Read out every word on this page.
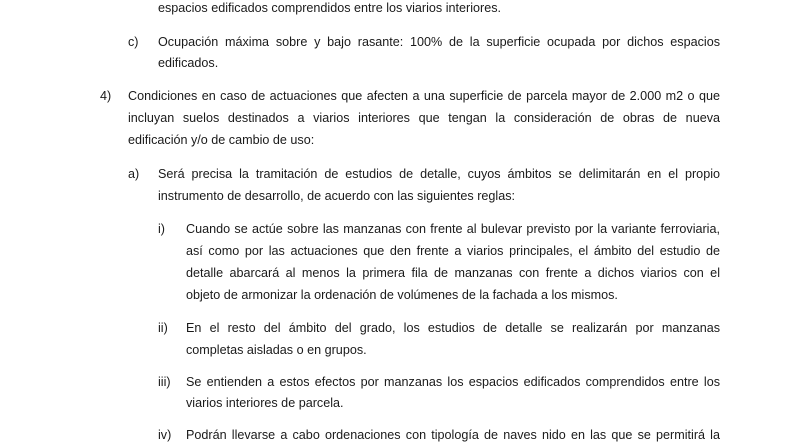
espacios edificados comprendidos entre los viarios interiores.

c) Ocupación máxima sobre y bajo rasante: 100% de la superficie ocupada por dichos espacios

edificados.

4) Condiciones en caso de actuaciones que afecten a una superficie de parcela mayor de 2.000 m2 o que

incluyan suelos destinados a viarios interiores que tengan la consideración de obras de nueva

edificación y/o de cambio de uso:

a) Será precisa la tramitación de estudios de detalle, cuyos ámbitos se delimitarán en el propio

instrumento de desarrollo, de acuerdo con las siguientes reglas:

i) Cuando se actúe sobre las manzanas con frente al bulevar previsto por la variante ferroviaria,

así como por las actuaciones que den frente a viarios principales, el ámbito del estudio de

detalle abarcará al menos la primera fila de manzanas con frente a dichos viarios con el

objeto de armonizar la ordenación de volúmenes de la fachada a los mismos.

ii) En el resto del ámbito del grado, los estudios de detalle se realizarán por manzanas

completas aisladas o en grupos.

iii) Se entienden a estos efectos por manzanas los espacios edificados comprendidos entre los

viarios interiores de parcela.

iv) Podrán llevarse a cabo ordenaciones con tipología de naves nido en las que se permitirá la
